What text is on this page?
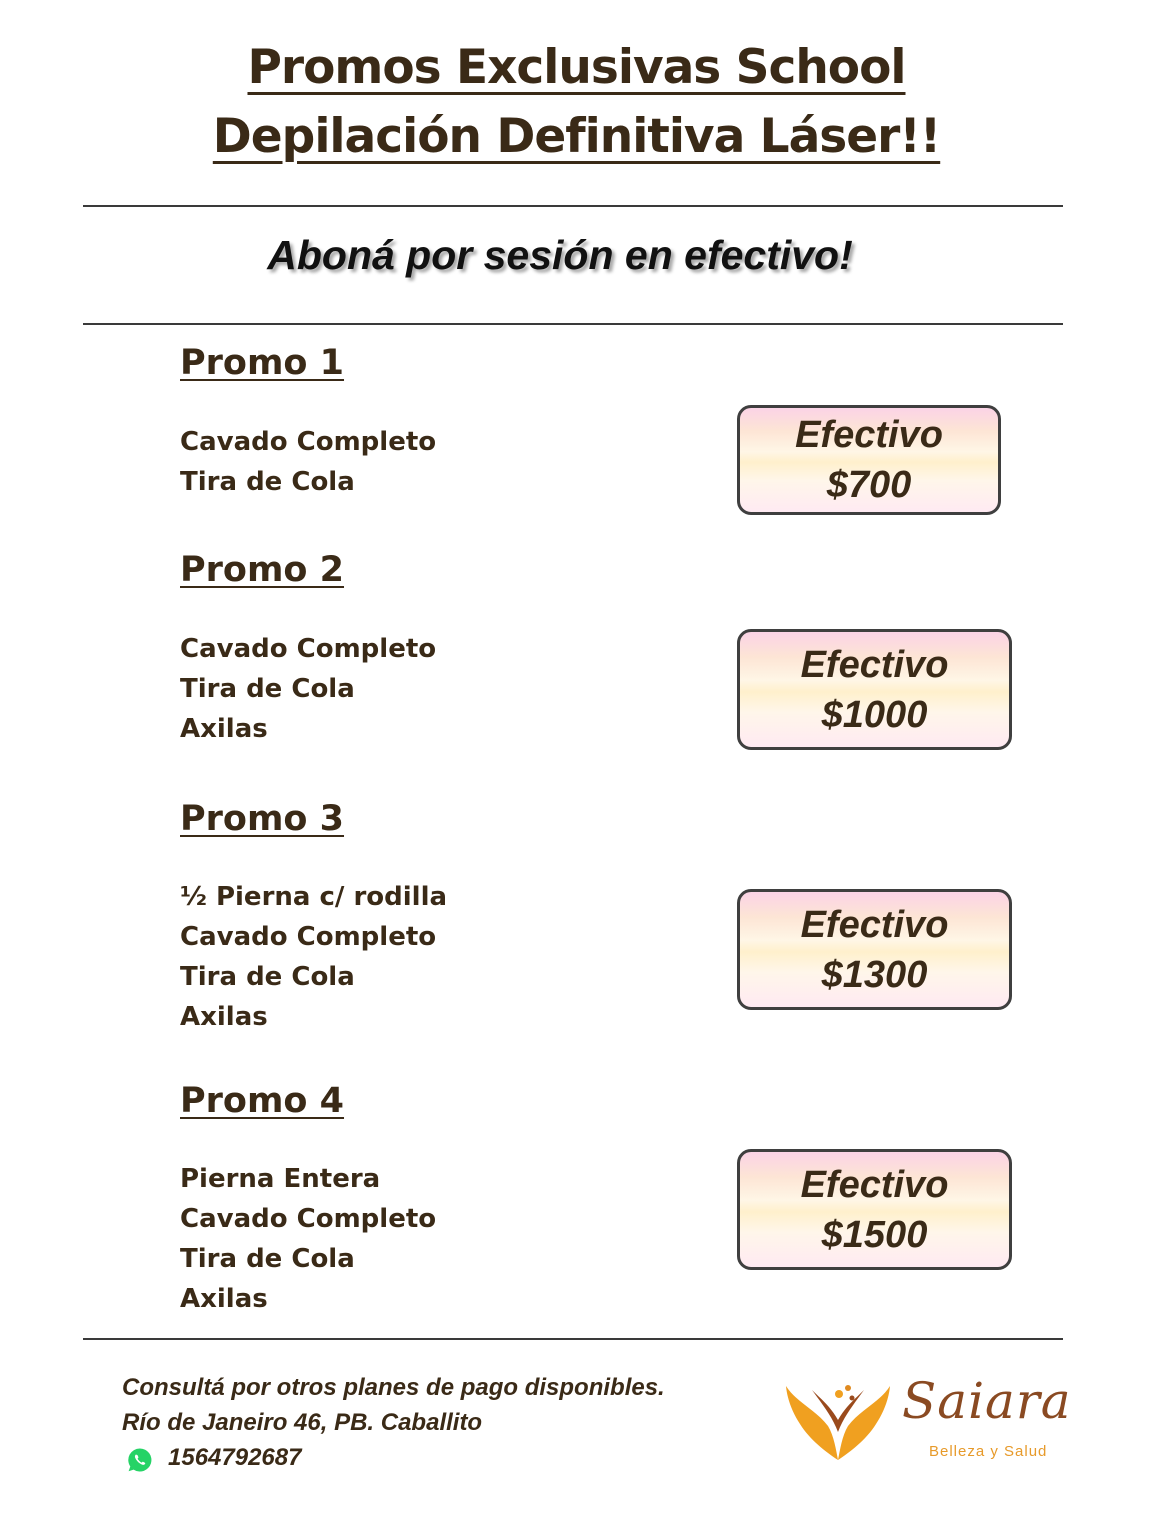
Promos Exclusivas School
Depilación Definitiva Láser!!
Aboná por sesión en efectivo!
Promo 1
Cavado Completo
Tira de Cola
Efectivo
$700
Promo 2
Cavado Completo
Tira de Cola
Axilas
Efectivo
$1000
Promo 3
½ Pierna c/ rodilla
Cavado Completo
Tira de Cola
Axilas
Efectivo
$1300
Promo 4
Pierna Entera
Cavado Completo
Tira de Cola
Axilas
Efectivo
$1500
Consultá por otros planes de pago disponibles.
Río de Janeiro 46, PB. Caballito
1564792687
Saiara
Belleza y Salud
